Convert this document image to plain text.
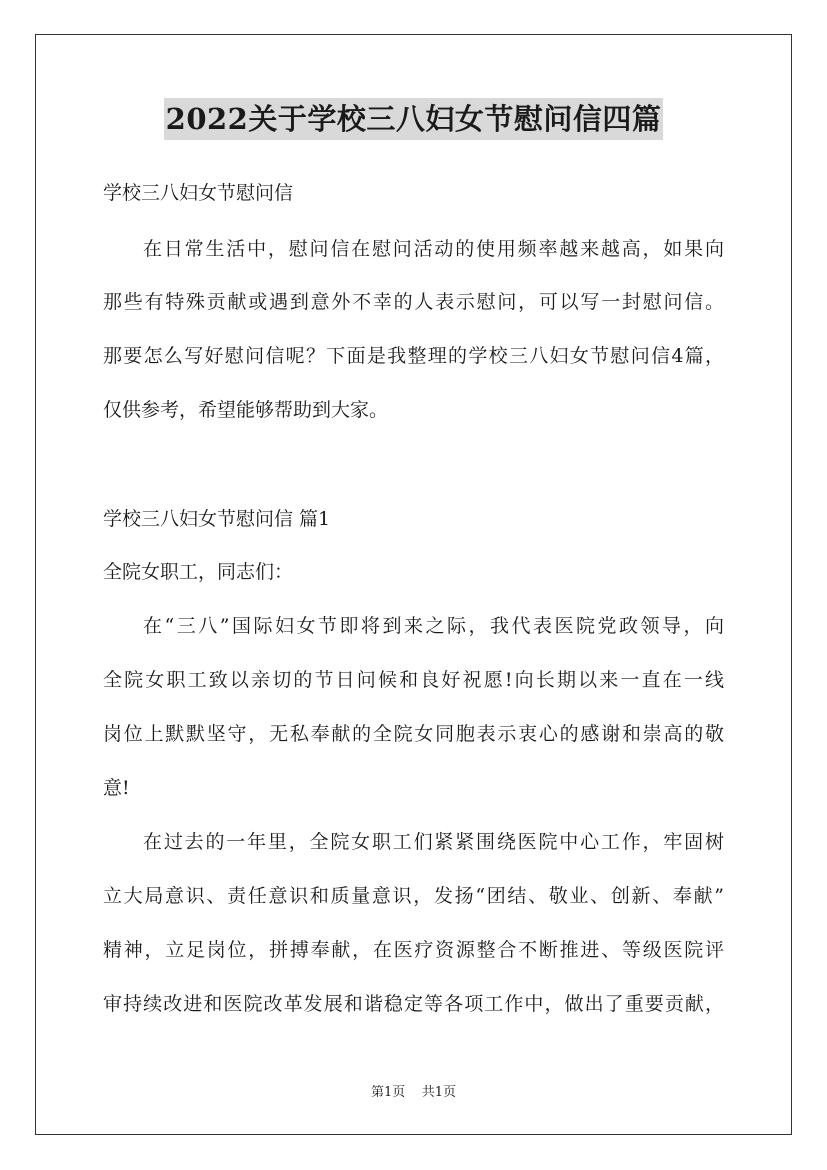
2022关于学校三八妇女节慰问信四篇
学校三八妇女节慰问信
在日常生活中，慰问信在慰问活动的使用频率越来越高，如果向
那些有特殊贡献或遇到意外不幸的人表示慰问，可以写一封慰问信。
那要怎么写好慰问信呢？下面是我整理的学校三八妇女节慰问信4篇，
仅供参考，希望能够帮助到大家。
学校三八妇女节慰问信 篇1
全院女职工，同志们：
在“三八”国际妇女节即将到来之际，我代表医院党政领导，向
全院女职工致以亲切的节日问候和良好祝愿!向长期以来一直在一线
岗位上默默坚守，无私奉献的全院女同胞表示衷心的感谢和崇高的敬
意!
在过去的一年里，全院女职工们紧紧围绕医院中心工作，牢固树
立大局意识、责任意识和质量意识，发扬“团结、敬业、创新、奉献”
精神，立足岗位，拼搏奉献，在医疗资源整合不断推进、等级医院评
审持续改进和医院改革发展和谐稳定等各项工作中，做出了重要贡献，
第1页 共1页
